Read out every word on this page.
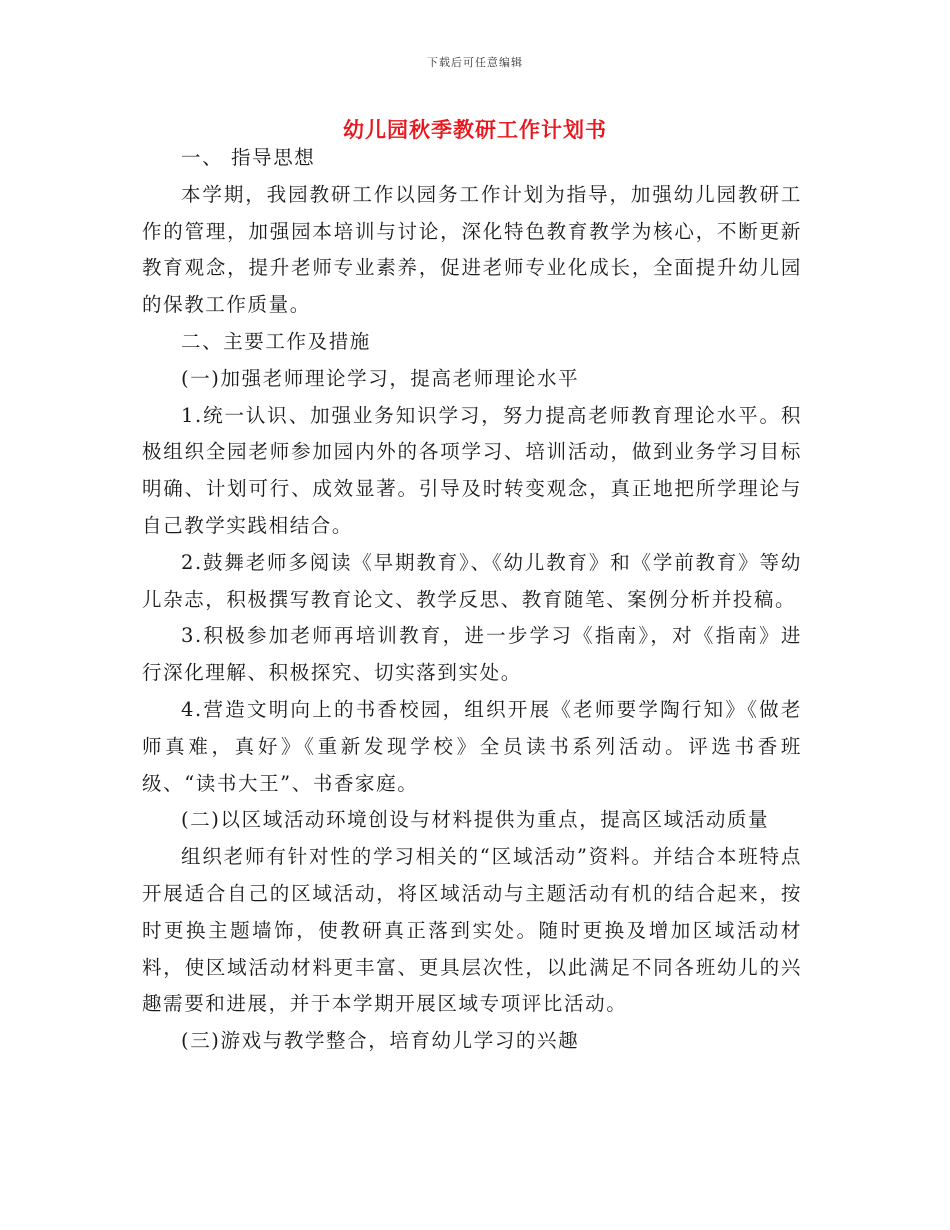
下载后可任意编辑
幼儿园秋季教研工作计划书

一、 指导思想

本学期，我园教研工作以园务工作计划为指导，加强幼儿园教研工作的管理，加强园本培训与讨论，深化特色教育教学为核心，不断更新教育观念，提升老师专业素养，促进老师专业化成长，全面提升幼儿园的保教工作质量。

二、主要工作及措施

(一)加强老师理论学习，提高老师理论水平

1.统一认识、加强业务知识学习，努力提高老师教育理论水平。积极组织全园老师参加园内外的各项学习、培训活动，做到业务学习目标明确、计划可行、成效显著。引导及时转变观念，真正地把所学理论与自己教学实践相结合。

2.鼓舞老师多阅读《早期教育》、《幼儿教育》和《学前教育》等幼儿杂志，积极撰写教育论文、教学反思、教育随笔、案例分析并投稿。

3.积极参加老师再培训教育，进一步学习《指南》，对《指南》进行深化理解、积极探究、切实落到实处。

4.营造文明向上的书香校园，组织开展《老师要学陶行知》《做老师真难，真好》《重新发现学校》全员读书系列活动。评选书香班级、“读书大王”、书香家庭。

(二)以区域活动环境创设与材料提供为重点，提高区域活动质量

组织老师有针对性的学习相关的“区域活动”资料。并结合本班特点开展适合自己的区域活动，将区域活动与主题活动有机的结合起来，按时更换主题墙饰，使教研真正落到实处。随时更换及增加区域活动材料，使区域活动材料更丰富、更具层次性，以此满足不同各班幼儿的兴趣需要和进展，并于本学期开展区域专项评比活动。

(三)游戏与教学整合，培育幼儿学习的兴趣
